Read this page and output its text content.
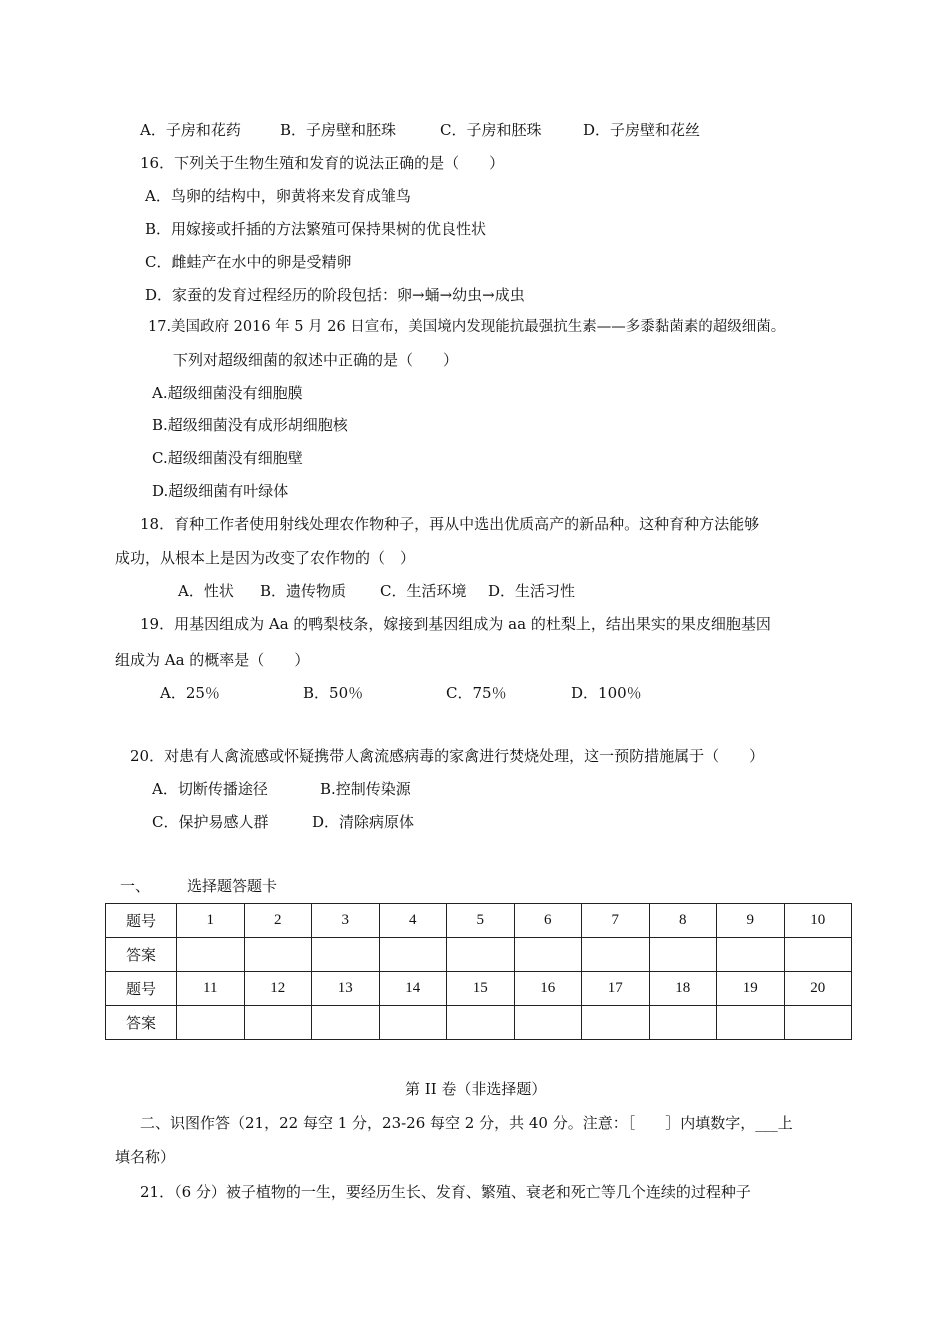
A．子房和花药	B．子房壁和胚珠	C．子房和胚珠	D．子房壁和花丝
16．下列关于生物生殖和发育的说法正确的是（　　）
A．鸟卵的结构中，卵黄将来发育成雏鸟
B．用嫁接或扦插的方法繁殖可保持果树的优良性状
C．雌蛙产在水中的卵是受精卵
D．家蚕的发育过程经历的阶段包括：卵→蛹→幼虫→成虫
17.美国政府 2016 年 5 月 26 日宣布，美国境内发现能抗最强抗生素——多黍黏菌素的超级细菌。
下列对超级细菌的叙述中正确的是（　　）
A.超级细菌没有细胞膜
B.超级细菌没有成形胡细胞核
C.超级细菌没有细胞壁
D.超级细菌有叶绿体
18．育种工作者使用射线处理农作物种子，再从中选出优质高产的新品种。这种育种方法能够
成功，从根本上是因为改变了农作物的（　）
A．性状 B．遗传物质 C．生活环境 D．生活习性
19．用基因组成为 Aa 的鸭梨枝条，嫁接到基因组成为 aa 的杜梨上，结出果实的果皮细胞基因
组成为 Aa 的概率是（　　）
A．25％	B．50％	C．75％	D．100％
20．对患有人禽流感或怀疑携带人禽流感病毒的家禽进行焚烧处理，这一预防措施属于（　　）
A．切断传播途径	B.控制传染源
C．保护易感人群	D．清除病原体
一、 选择题答题卡
题号	1	2	3	4	5	6	7	8	9	10
答案										
题号	11	12	13	14	15	16	17	18	19	20
答案										
第 II 卷（非选择题）
二、识图作答（21，22 每空 1 分，23-26 每空 2 分，共 40 分。注意：［　　］内填数字，___上
填名称）
21．（6 分）被子植物的一生，要经历生长、发育、繁殖、衰老和死亡等几个连续的过程种子
